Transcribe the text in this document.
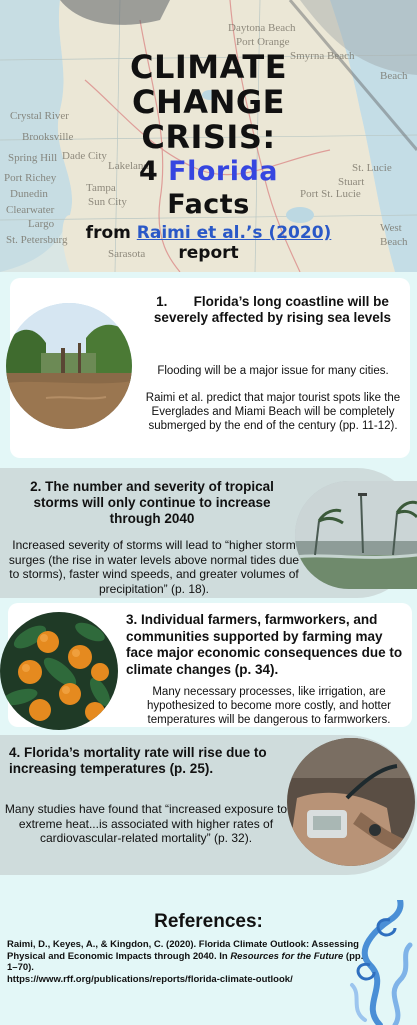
Daytona Beach
Port Orange
Smyrna Beach
Crystal River
Brooksville
Spring Hill
Port Richey
Dunedin
Clearwater
Largo
St. Petersburg
Lakeland
Sarasota
St. Lucie
Stuart
Beach
Port St. Lucie
Dade City
Sun City
Tampa
West
Beach
CLIMATE
CHANGE
CRISIS:
4 Florida
Facts
from Raimi et al.’s (2020)
report
1.       Florida’s long coastline will be severely affected by rising sea levels
Flooding will be a major issue for many cities.
Raimi et al. predict that major tourist spots like the Everglades and Miami Beach will be completely submerged by the end of the century (pp. 11-12).
2. The number and severity of tropical storms will only continue to increase through 2040
Increased severity of storms will lead to “higher storm surges (the rise in water levels above normal tides due to storms), faster wind speeds, and greater volumes of precipitation” (p. 18).
3. Individual farmers, farmworkers, and communities supported by farming may face major economic consequences due to climate changes (p. 34).
Many necessary processes, like irrigation, are hypothesized to become more costly, and hotter temperatures will be dangerous to farmworkers.
4. Florida’s mortality rate will rise due to increasing temperatures (p. 25).
Many studies have found that “increased exposure to extreme heat...is associated with higher rates of cardiovascular-related mortality” (p. 32).
References:
Raimi, D., Keyes, A., & Kingdon, C. (2020). Florida Climate Outlook: Assessing Physical and Economic Impacts through 2040. In Resources for the Future (pp. 1–70).
https://www.rff.org/publications/reports/florida-climate-outlook/
